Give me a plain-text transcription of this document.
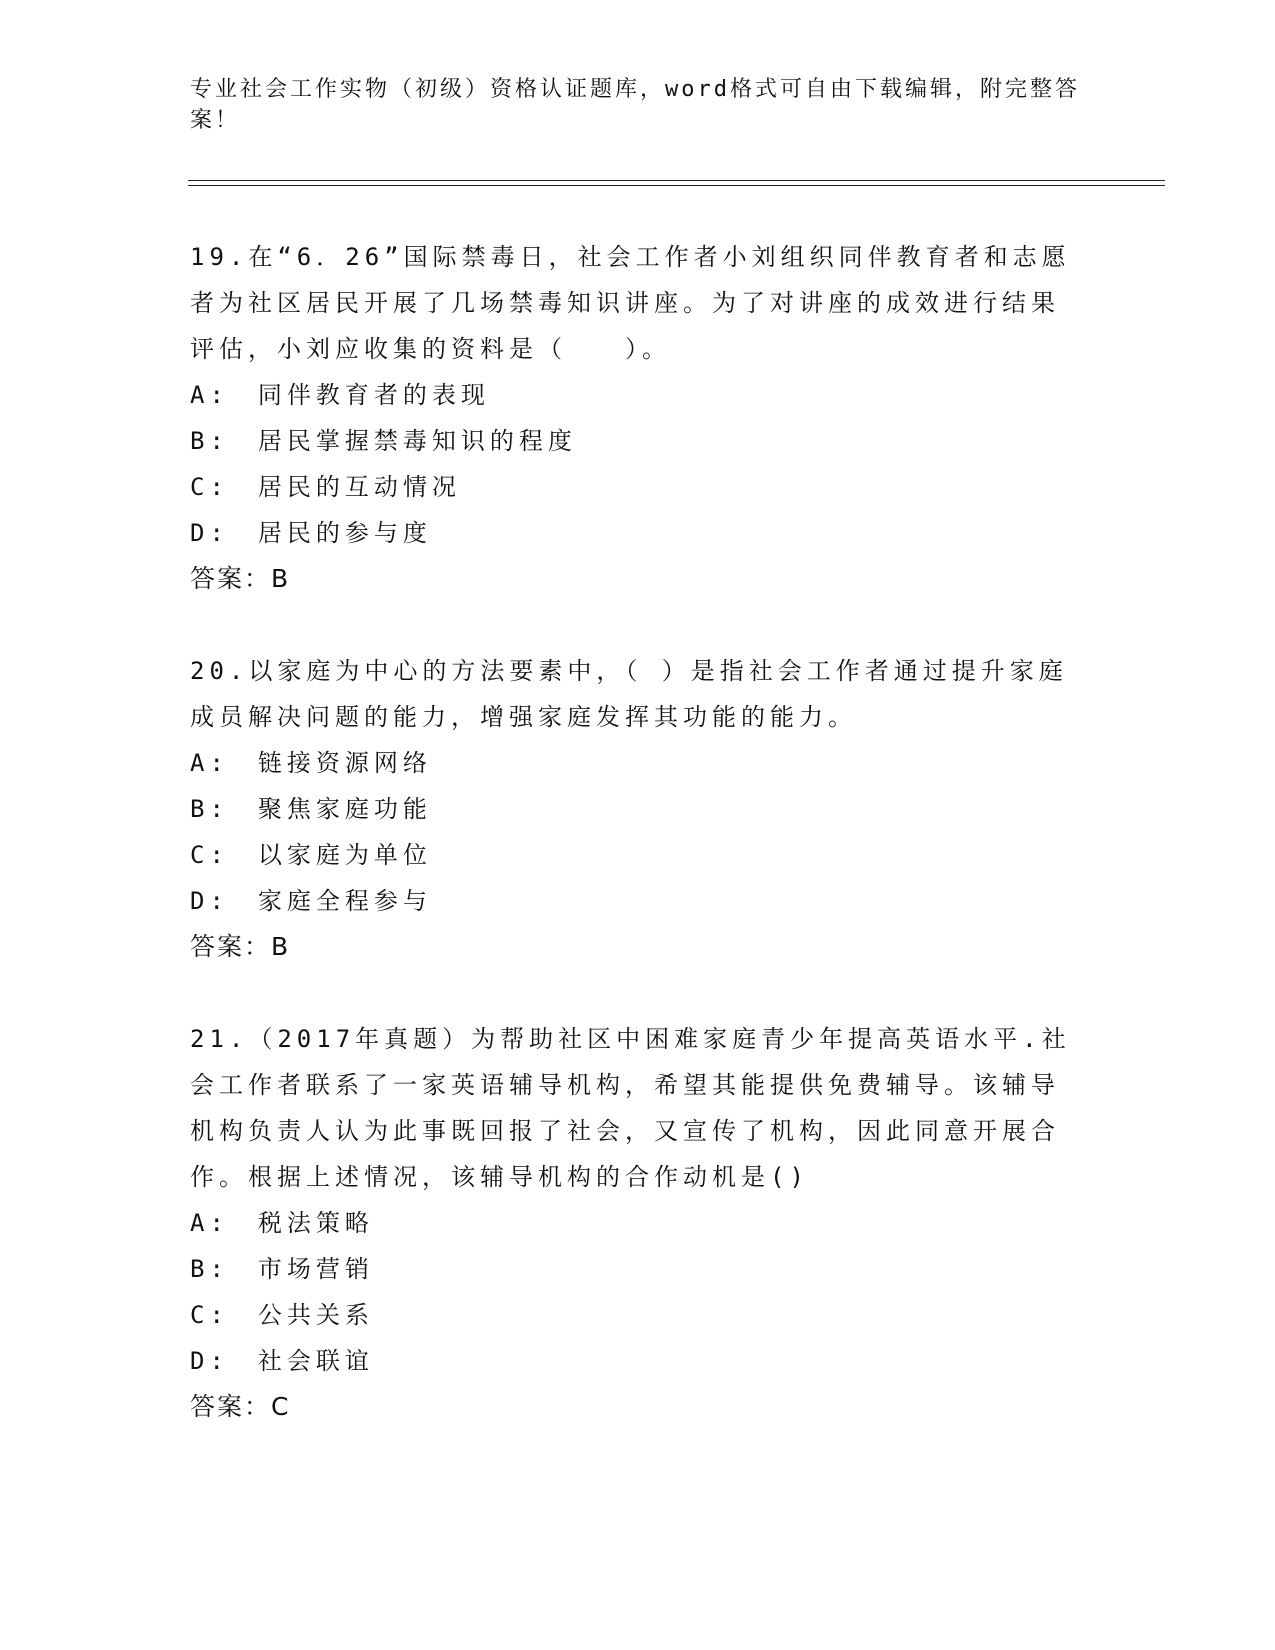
专业社会工作实物（初级）资格认证题库，word格式可自由下载编辑，附完整答案！
19.在“6．26”国际禁毒日，社会工作者小刘组织同伴教育者和志愿者为社区居民开展了几场禁毒知识讲座。为了对讲座的成效进行结果评估，小刘应收集的资料是（　　）。
A:　同伴教育者的表现
B:　居民掌握禁毒知识的程度
C:　居民的互动情况
D:　居民的参与度
答案：B
20.以家庭为中心的方法要素中，（ ）是指社会工作者通过提升家庭成员解决问题的能力，增强家庭发挥其功能的能力。
A:　链接资源网络
B:　聚焦家庭功能
C:　以家庭为单位
D:　家庭全程参与
答案：B
21.（2017年真题）为帮助社区中困难家庭青少年提高英语水平.社会工作者联系了一家英语辅导机构，希望其能提供免费辅导。该辅导机构负责人认为此事既回报了社会，又宣传了机构，因此同意开展合作。根据上述情况，该辅导机构的合作动机是()
A:　税法策略
B:　市场营销
C:　公共关系
D:　社会联谊
答案：C
